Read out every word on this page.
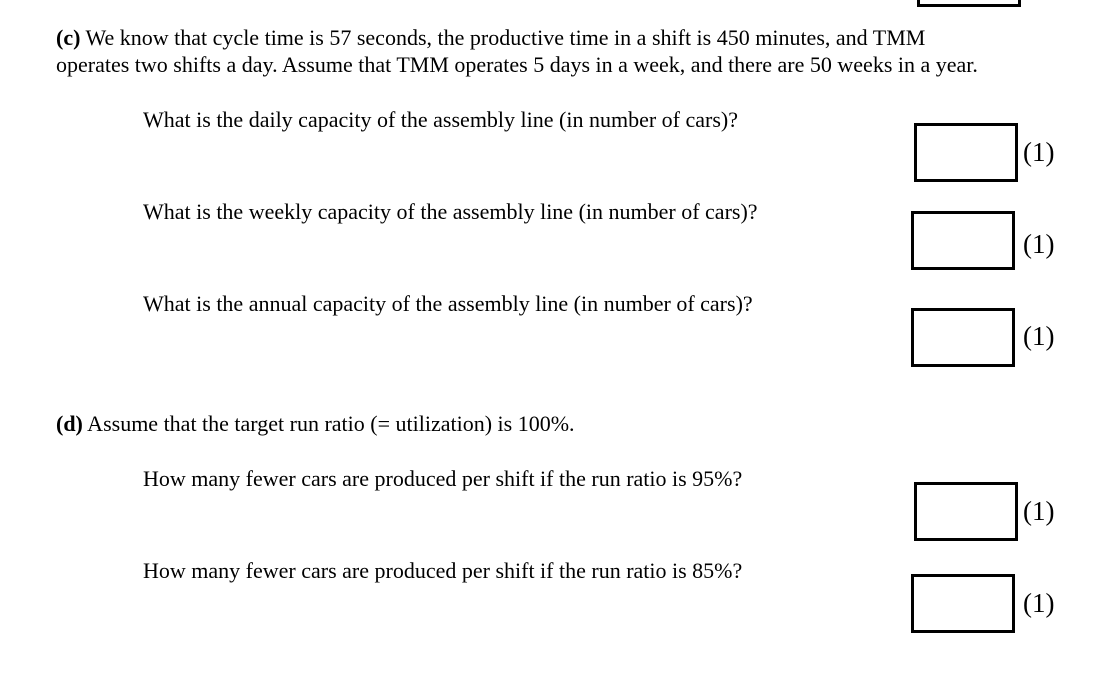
(c) We know that cycle time is 57 seconds, the productive time in a shift is 450 minutes, and TMM
operates two shifts a day. Assume that TMM operates 5 days in a week, and there are 50 weeks in a year.
What is the daily capacity of the assembly line (in number of cars)?
(1)
What is the weekly capacity of the assembly line (in number of cars)?
(1)
What is the annual capacity of the assembly line (in number of cars)?
(1)
(d) Assume that the target run ratio (= utilization) is 100%.
How many fewer cars are produced per shift if the run ratio is 95%?
(1)
How many fewer cars are produced per shift if the run ratio is 85%?
(1)
